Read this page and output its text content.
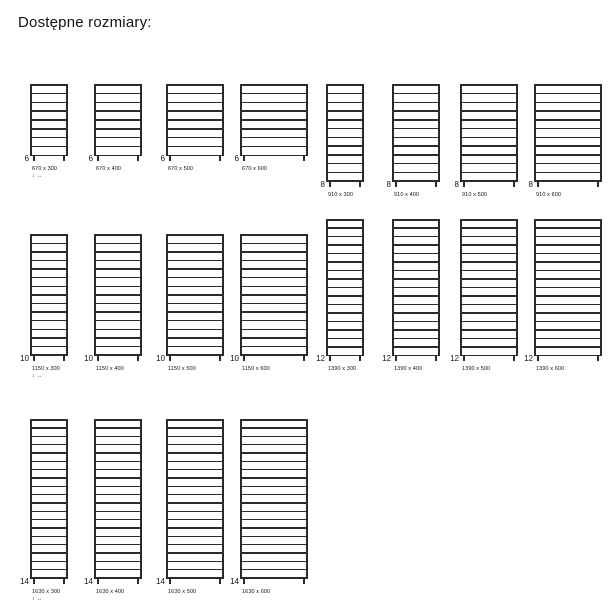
Dostępne rozmiary:
6
670 x 300
↕ ↔
6
670 x 400
6
670 x 500
6
670 x 600
8
910 x 300
8
910 x 400
8
910 x 500
8
910 x 600
10
1150 x 300
↕ ↔
10
1150 x 400
10
1150 x 500
10
1150 x 600
12
1390 x 300
12
1390 x 400
12
1390 x 500
12
1390 x 600
14
1630 x 300
↕ ↔
14
1630 x 400
14
1630 x 500
14
1630 x 600
